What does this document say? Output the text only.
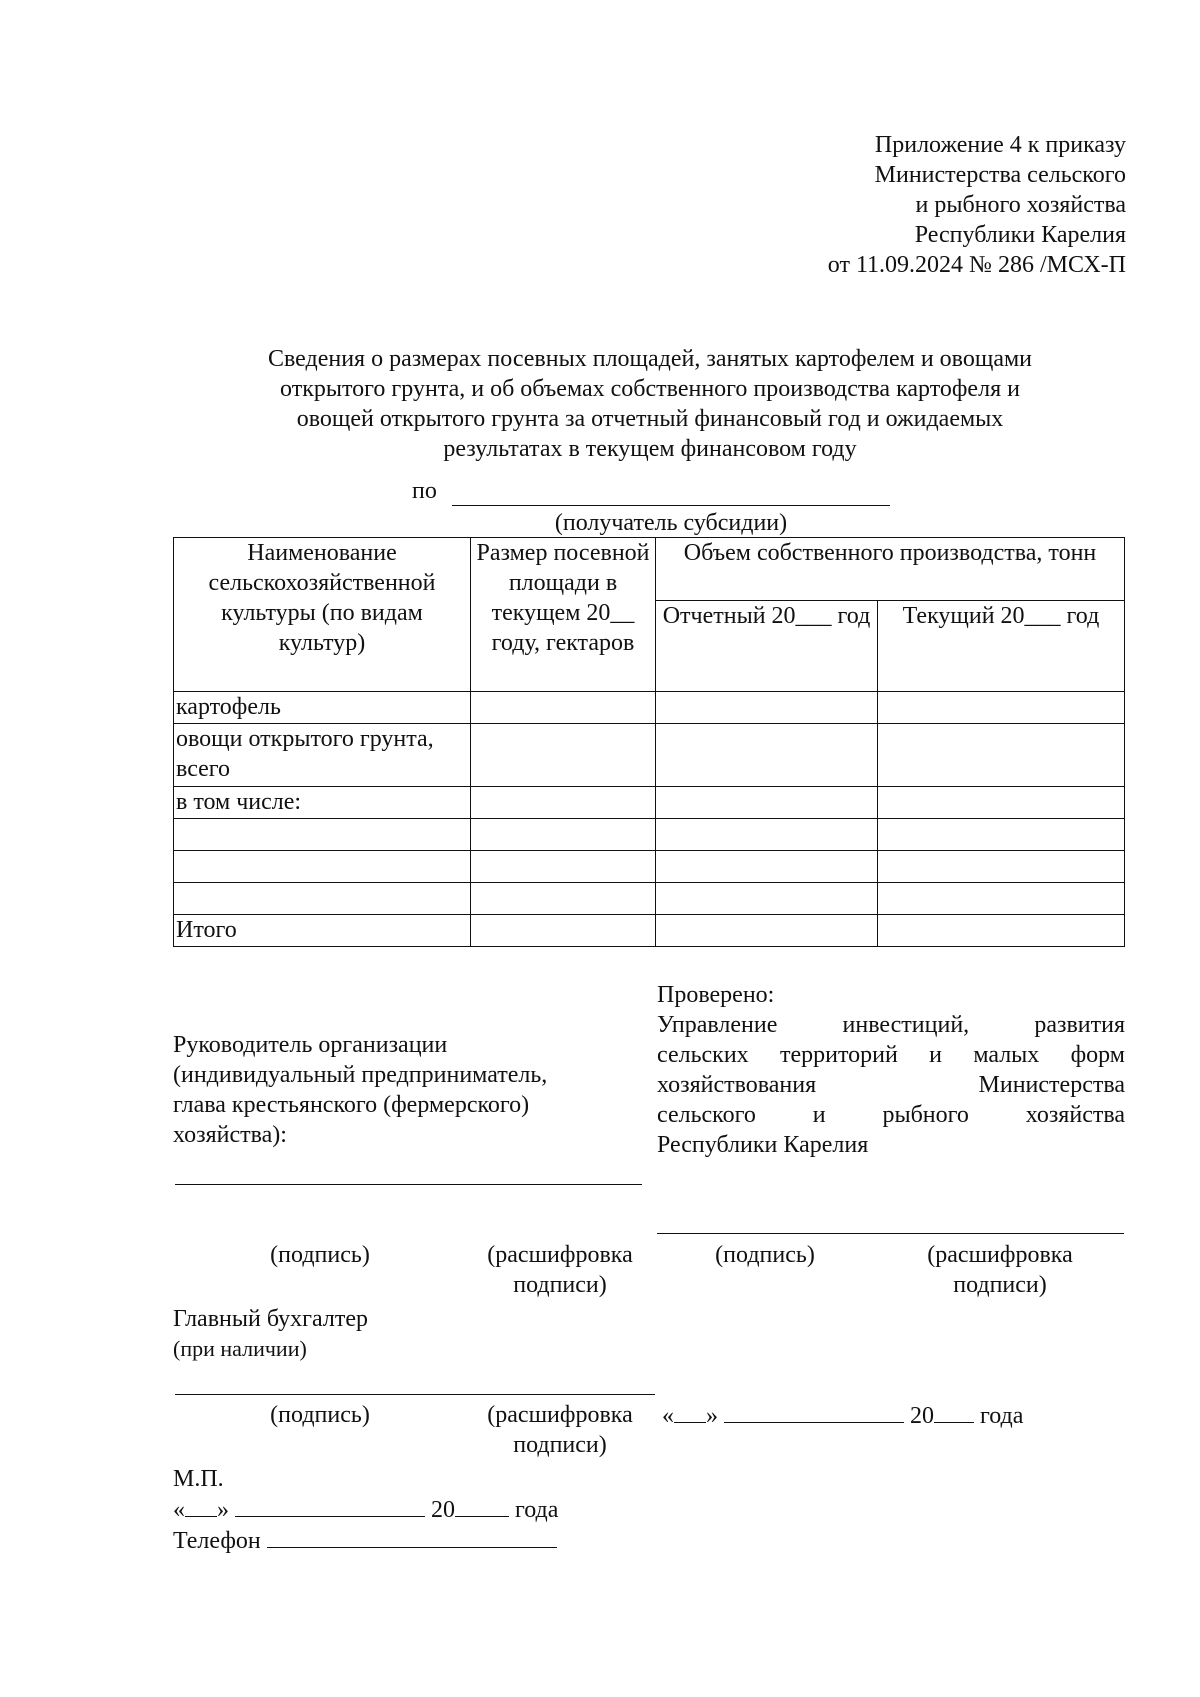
Приложение 4 к приказу
Министерства сельского
и рыбного хозяйства
Республики Карелия
от 11.09.2024 № 286 /МСХ-П
Сведения о размерах посевных площадей, занятых картофелем и овощами
открытого грунта, и об объемах собственного производства картофеля и
овощей открытого грунта за отчетный финансовый год и ожидаемых
результатах в текущем финансовом году
по
(получатель субсидии)
Наименование сельскохозяйственной культуры (по видам культур)	Размер посевной площади в текущем 20__ году, гектаров	Объем собственного производства, тонн	
		Отчетный 20___ год	Текущий 20___ год
картофель			
овощи открытого грунта, всего			
в том числе:			

Итого			
Проверено:
Управление инвестиций, развития
сельских территорий и малых форм
хозяйствования Министерства
сельского и рыбного хозяйства
Республики Карелия
Руководитель организации
(индивидуальный предприниматель,
глава крестьянского (фермерского)
хозяйства):
(подпись)	(расшифровка
подписи)
(подпись)	(расшифровка
подписи)
Главный бухгалтер
(при наличии)
(подпись)	(расшифровка
подписи)
« »	20 года
М.П.
« »	20	года
Телефон
